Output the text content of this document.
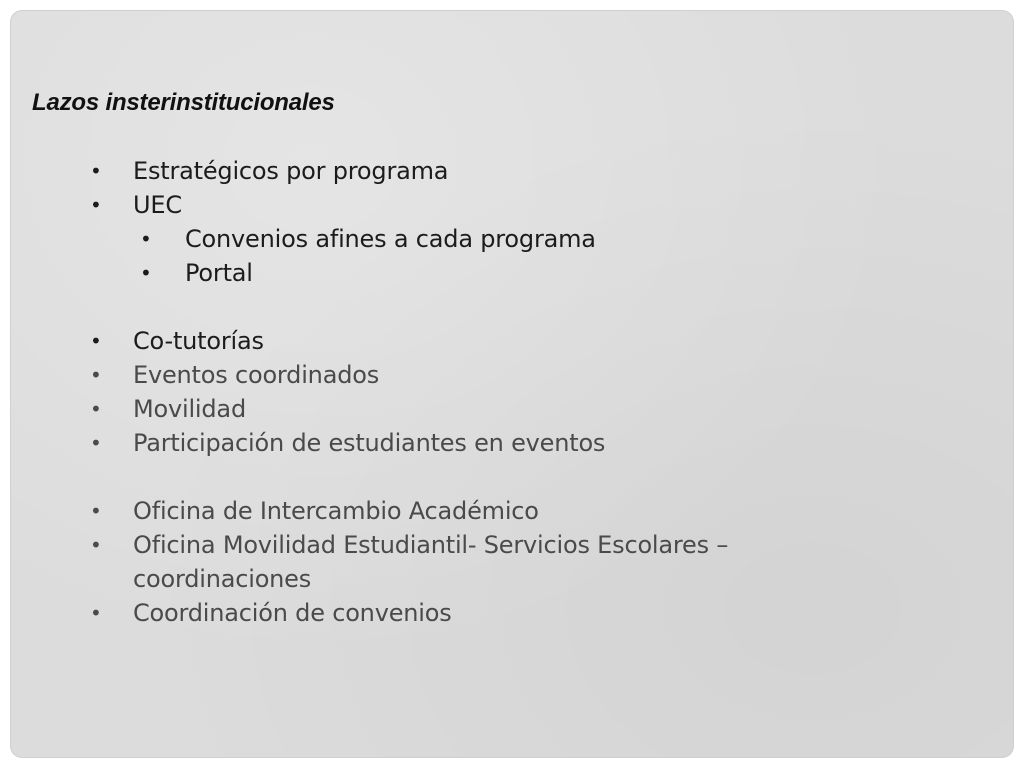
Lazos insterinstitucionales
• Estratégicos por programa
• UEC
• Convenios afines a cada programa
• Portal
• Co-tutorías
• Eventos coordinados
• Movilidad
• Participación de estudiantes en eventos
• Oficina de Intercambio Académico
• Oficina Movilidad Estudiantil- Servicios Escolares – coordinaciones
• Coordinación de convenios
